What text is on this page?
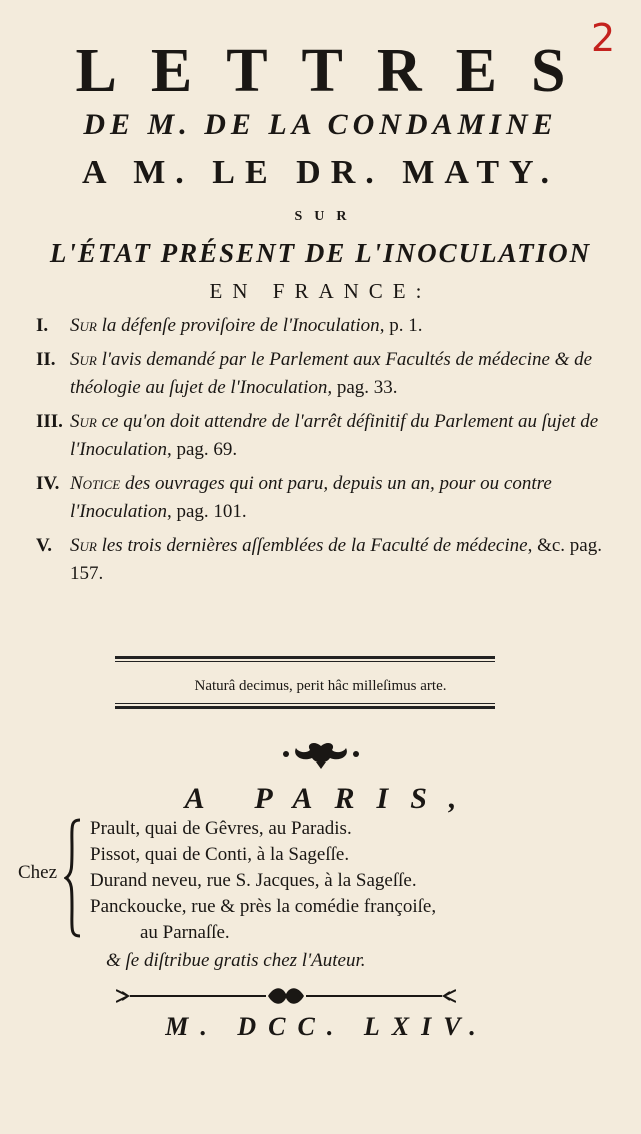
2
LETTRES
DE M. DE LA CONDAMINE
A M. LE DR. MATY.
SUR
L'ÉTAT PRÉSENT DE L'INOCULATION
EN FRANCE:
I.	Sur la défenſe proviſoire de l'Inoculation, p. 1.
II. Sur l'avis demandé par le Parlement aux Facultés de médecine & de théologie au ſujet de l'Inoculation, pag. 33.
III. Sur ce qu'on doit attendre de l'arrêt définitif du Parlement au ſujet de l'Inoculation, pag. 69.
IV. Notice des ouvrages qui ont paru, depuis un an, pour ou contre l'Inoculation, pag. 101.
V. Sur les trois dernières aſſemblées de la Faculté de médecine, &c. pag. 157.
Naturâ decimus, perit hâc milleſimus arte.
A PARIS,
Chez
Prault, quai de Gêvres, au Paradis.
Pissot, quai de Conti, à la Sageſſe.
Durand neveu, rue S. Jacques, à la Sageſſe.
Panckoucke, rue & près la comédie françoiſe,
au Parnaſſe.
& ſe diſtribue gratis chez l'Auteur.
M. DCC. LXIV.
